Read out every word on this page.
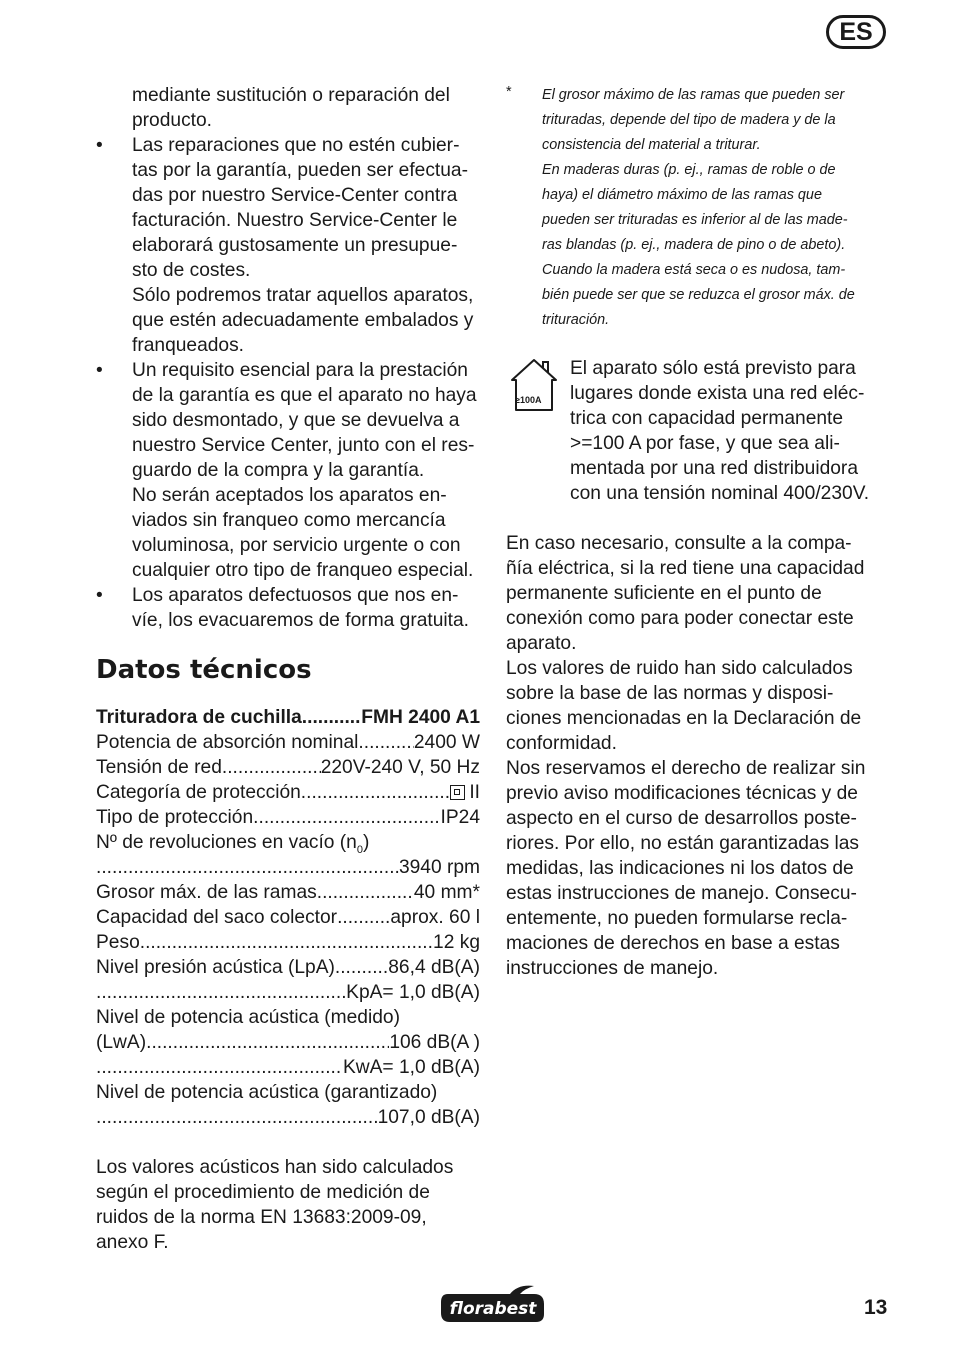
ES
mediante sustitución o reparación del
producto.
• Las reparaciones que no estén cubier-
tas por la garantía, pueden ser efectua-
das por nuestro Service-Center contra
facturación. Nuestro Service-Center le
elaborará gustosamente un presupue-
sto de costes.
Sólo podremos tratar aquellos aparatos,
que estén adecuadamente embalados y
franqueados.
• Un requisito esencial para la prestación
de la garantía es que el aparato no haya
sido desmontado, y que se devuelva a
nuestro Service Center, junto con el res-
guardo de la compra y la garantía.
No serán aceptados los aparatos en-
viados sin franqueo como mercancía
voluminosa, por servicio urgente o con
cualquier otro tipo de franqueo especial.
• Los aparatos defectuosos que nos en-
víe, los evacuaremos de forma gratuita.
Datos técnicos
Trituradora de cuchilla .....	FMH 2400 A1
Potencia de absorción nominal .....	2400 W
Tensión de red .....	220V-240 V, 50 Hz
Categoría de protección .....	II
Tipo de protección .....	IP24
Nº de revoluciones en vacío $(n_0)$
.....
3940 rpm
Grosor máx. de las ramas .....	40 mm*
Capacidad del saco colector .....	aprox. 60 l
Peso .....	12 kg
Nivel presión acústica (LpA) .....	86,4 dB(A)
.....
KpA= 1,0 dB(A)
Nivel de potencia acústica (medido)
(LwA) .....	106 dB(A )
.....
KwA= 1,0 dB(A)
Nivel de potencia acústica (garantizado)
.....
107,0 dB(A)
Los valores acústicos han sido calculados
según el procedimiento de medición de
ruidos de la norma EN 13683:2009-09,
anexo F.
* El grosor máximo de las ramas que pueden ser
trituradas, depende del tipo de madera y de la
consistencia del material a triturar.
En maderas duras (p. ej., ramas de roble o de
haya) el diámetro máximo de las ramas que
pueden ser trituradas es inferior al de las made-
ras blandas (p. ej., madera de pino o de abeto).
Cuando la madera está seca o es nudosa, tam-
bién puede ser que se reduzca el grosor máx. de
trituración.
≥100A
El aparato sólo está previsto para
lugares donde exista una red eléc-
trica con capacidad permanente
>=100 A por fase, y que sea ali-
mentada por una red distribuidora
con una tensión nominal 400/230V.
En caso necesario, consulte a la compa-
ñía eléctrica, si la red tiene una capacidad
permanente suficiente en el punto de
conexión como para poder conectar este
aparato.
Los valores de ruido han sido calculados
sobre la base de las normas y disposi-
ciones mencionadas en la Declaración de
conformidad.
Nos reservamos el derecho de realizar sin
previo aviso modificaciones técnicas y de
aspecto en el curso de desarrollos poste-
riores. Por ello, no están garantizadas las
medidas, las indicaciones ni los datos de
estas instrucciones de manejo. Consecu-
entemente, no pueden formularse recla-
maciones de derechos en base a estas
instrucciones de manejo.
florabest	13
